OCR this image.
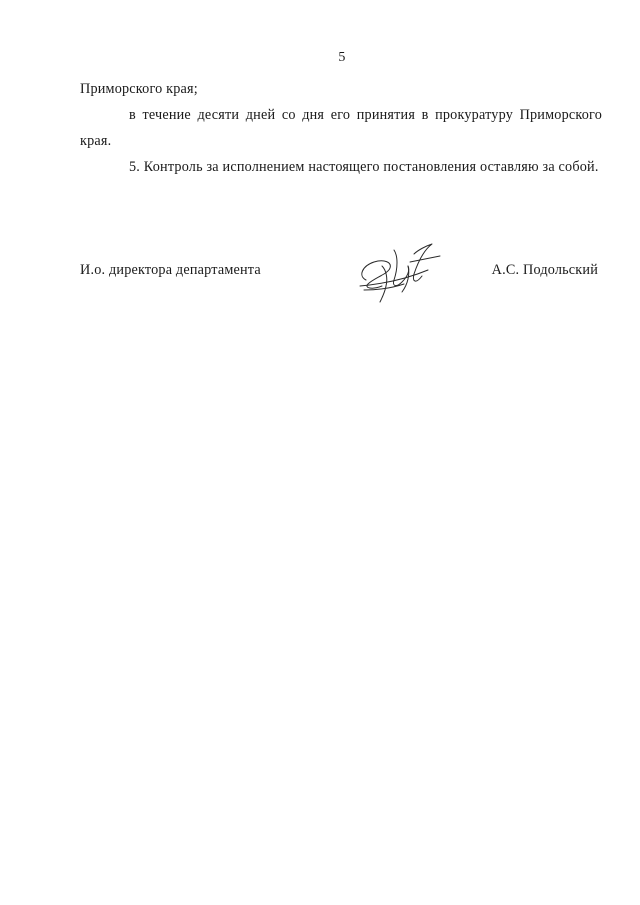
5

Приморского края;

в течение десяти дней со дня его принятия в прокуратуру Приморского края.

5. Контроль за исполнением настоящего постановления оставляю за собой.

И.о. директора департамента	А.С. Подольский
